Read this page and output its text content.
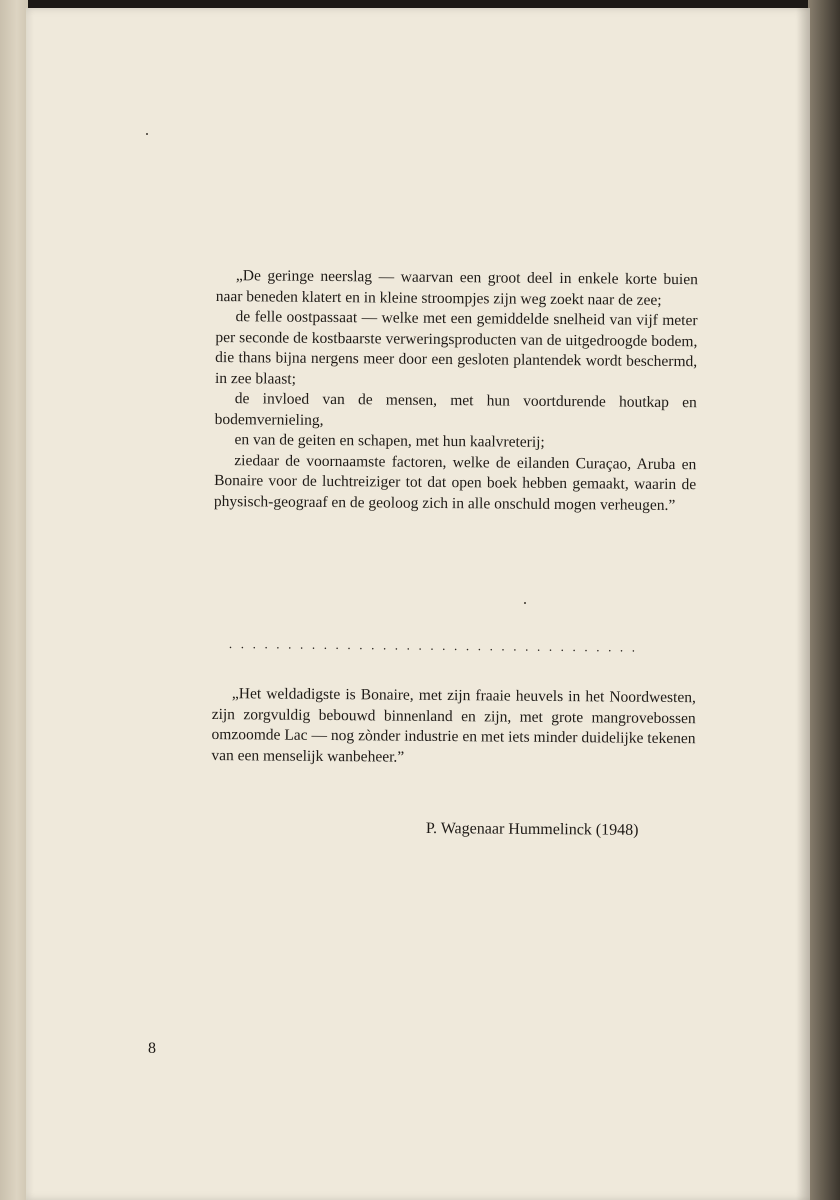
„De geringe neerslag — waarvan een groot deel in enkele korte buien naar beneden klatert en in kleine stroompjes zijn weg zoekt naar de zee;

de felle oostpassaat — welke met een gemiddelde snelheid van vijf meter per seconde de kostbaarste verweringsproducten van de uitgedroogde bodem, die thans bijna nergens meer door een gesloten plantendek wordt beschermd, in zee blaast;

de invloed van de mensen, met hun voortdurende houtkap en bodemvernieling,

en van de geiten en schapen, met hun kaalvreterij;

ziedaar de voornaamste factoren, welke de eilanden Curaçao, Aruba en Bonaire voor de luchtreiziger tot dat open boek hebben gemaakt, waarin de physisch-geograaf en de geoloog zich in alle onschuld mogen verheugen.”

...................................

„Het weldadigste is Bonaire, met zijn fraaie heuvels in het Noordwesten, zijn zorgvuldig bebouwd binnenland en zijn, met grote mangrovebossen omzoomde Lac — nog zònder industrie en met iets minder duidelijke tekenen van een menselijk wanbeheer.”

P. Wagenaar Hummelinck (1948)
8
